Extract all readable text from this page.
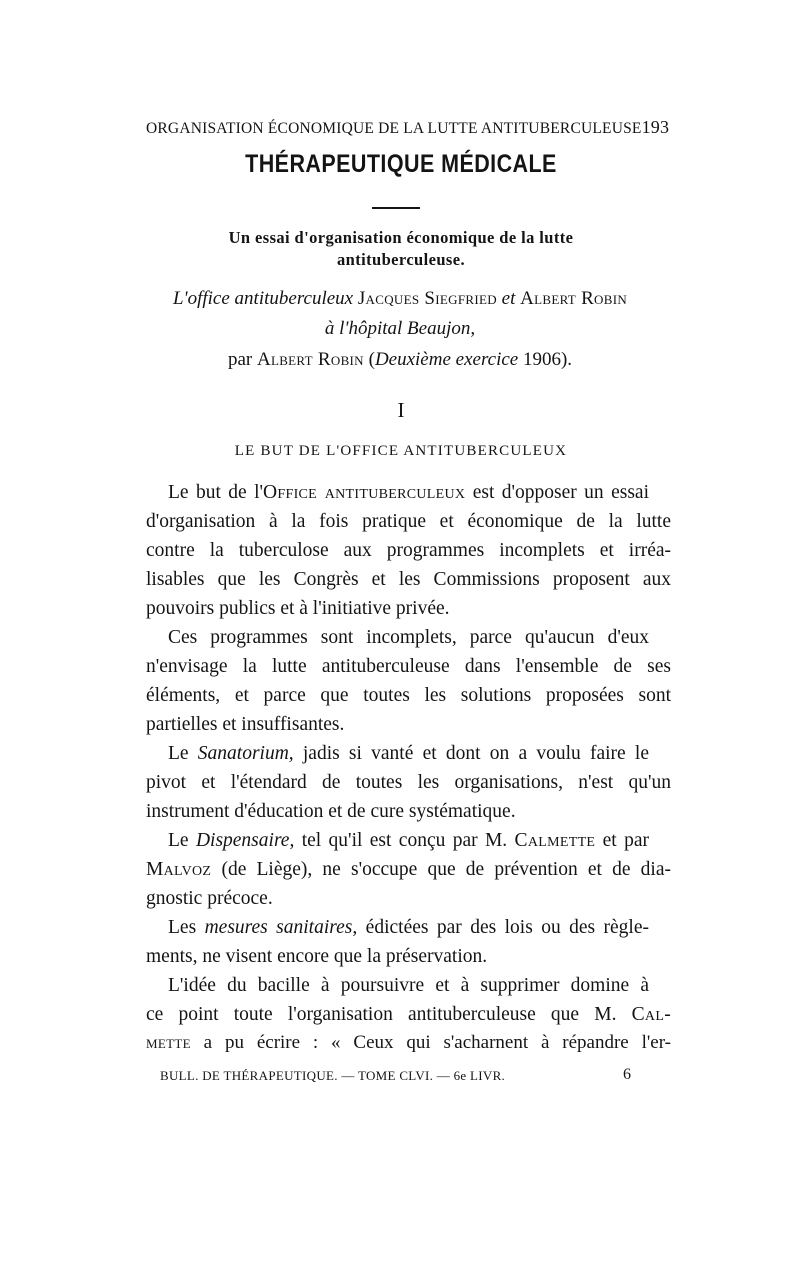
ORGANISATION ÉCONOMIQUE DE LA LUTTE ANTITUBERCULEUSE 193
THÉRAPEUTIQUE MÉDICALE
Un essai d'organisation économique de la lutte antituberculeuse.
L'office antituberculeux Jacques Siegfried et Albert Robin
à l'hôpital Beaujon,
par Albert Robin (Deuxième exercice 1906).
I
LE BUT DE L'OFFICE ANTITUBERCULEUX
Le but de l'Office antituberculeux est d'opposer un essai
d'organisation à la fois pratique et économique de la lutte
contre la tuberculose aux programmes incomplets et irréa-
lisables que les Congrès et les Commissions proposent aux
pouvoirs publics et à l'initiative privée.
Ces programmes sont incomplets, parce qu'aucun d'eux
n'envisage la lutte antituberculeuse dans l'ensemble de ses
éléments, et parce que toutes les solutions proposées sont
partielles et insuffisantes.
Le Sanatorium, jadis si vanté et dont on a voulu faire le
pivot et l'étendard de toutes les organisations, n'est qu'un
instrument d'éducation et de cure systématique.
Le Dispensaire, tel qu'il est conçu par M. Calmette et par
Malvoz (de Liège), ne s'occupe que de prévention et de dia-
gnostic précoce.
Les mesures sanitaires, édictées par des lois ou des règle-
ments, ne visent encore que la préservation.
L'idée du bacille à poursuivre et à supprimer domine à
ce point toute l'organisation antituberculeuse que M. Cal-
mette a pu écrire : « Ceux qui s'acharnent à répandre l'er-
BULL. DE THÉRAPEUTIQUE. — TOME CLVI. — 6e LIVR.	6
